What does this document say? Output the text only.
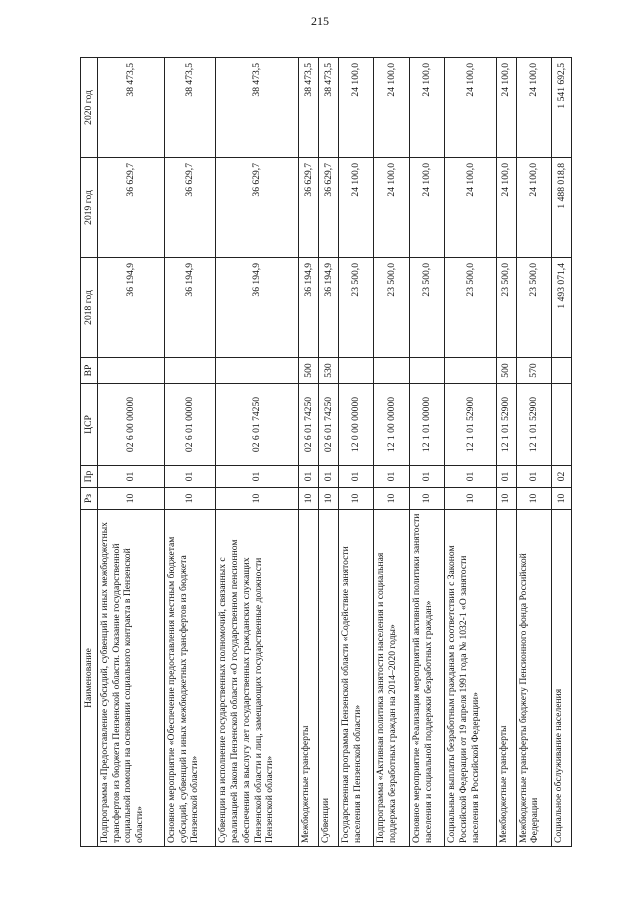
215
Наименование	Рз	Пр	ЦСР	ВР	2018 год	2019 год	2020 год
Подпрограмма «Предоставление субсидий, субвенций и иных межбюджетных трансфертов из бюджета Пензенской области. Оказание государственной социальной помощи на основании социального контракта в Пензенской области»	10	01	02 6 00 00000		36 194,9	36 629,7	38 473,5
Основное мероприятие «Обеспечение предоставления местным бюджетам субсидий, субвенций и иных межбюджетных трансфертов из бюджета Пензенской области»	10	01	02 6 01 00000		36 194,9	36 629,7	38 473,5
Субвенции на исполнение государственных полномочий, связанных с реализацией Закона Пензенской области «О государственном пенсионном обеспечении за выслугу лет государственных гражданских служащих Пензенской области и лиц, замещающих государственные должности Пензенской области»	10	01	02 6 01 74250		36 194,9	36 629,7	38 473,5
Межбюджетные трансферты	10	01	02 6 01 74250	500	36 194,9	36 629,7	38 473,5
Субвенции	10	01	02 6 01 74250	530	36 194,9	36 629,7	38 473,5
Государственная программа Пензенской области «Содействие занятости населения в Пензенской области»	10	01	12 0 00 00000		23 500,0	24 100,0	24 100,0
Подпрограмма «Активная политика занятости населения и социальная поддержка безработных граждан на 2014–2020 годы»	10	01	12 1 00 00000		23 500,0	24 100,0	24 100,0
Основное мероприятие «Реализация мероприятий активной политики занятости населения и социальной поддержки безработных граждан»	10	01	12 1 01 00000		23 500,0	24 100,0	24 100,0
Социальные выплаты безработным гражданам в соответствии с Законом Российской Федерации от 19 апреля 1991 года № 1032-1 «О занятости населения в Российской Федерации»	10	01	12 1 01 52900		23 500,0	24 100,0	24 100,0
Межбюджетные трансферты	10	01	12 1 01 52900	500	23 500,0	24 100,0	24 100,0
Межбюджетные трансферты бюджету Пенсионного фонда Российской Федерации	10	01	12 1 01 52900	570	23 500,0	24 100,0	24 100,0
Социальное обслуживание населения	10	02			1 493 071,4	1 488 018,8	1 541 692,5
